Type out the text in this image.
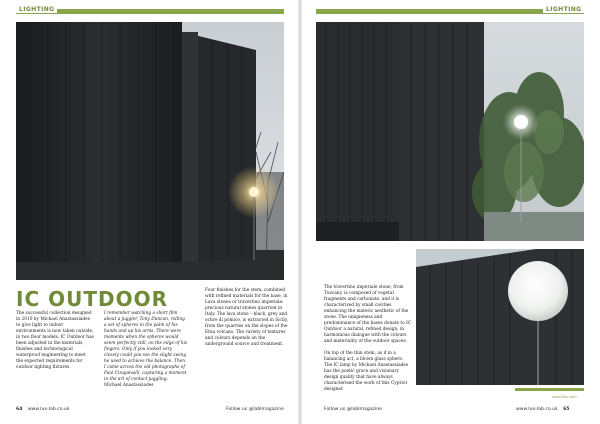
LIGHTING
IC OUTDOOR
The successful collection designed in 2010 by Michael Anastassiades to give light to indoor environments is now taken outside, in two floor models. IC Outdoor has been adjusted in the materials, finishes and technological waterproof engineering to meet the expected requirements for outdoor lighting fixtures.
I remember watching a short film about a juggler, Tony Duncan, rolling a set of spheres in the palm of his hands and up his arms. There were moments when the spheres would seem perfectly still, on the edge of his fingers. Only if you looked very closely could you see the slight swing he used to achieve the balance. Then I came across the old photographs of Paul Cinquevalli, capturing a moment in the art of contact juggling.
Michael Anastassiades
Four finishes for the stem, combined with refined materials for the base, in Lava stones or travertino imperiale: precious natural stones quarried in Italy. The lava stone – black, grey and ochre di pomice, is extracted in Sicily, from the quarries on the slopes of the Etna volcano. The variety of textures and colours depends on the underground source and treatment.
64 www.lux-lab.co.uk	Follow us @lablmagazine
LIGHTING
The travertino imperiale stone, from Tuscany, is composed of vegetal fragments and carbonate, and it is characterized by small cavities enhancing the materic aesthetic of the stone. The uniqueness and predominance of the bases donate to IC Outdoor a natural, refined design, in harmonious dialogue with the colours and materiality of the outdoor spaces.

On top of the thin stem, as if in a balancing act, a blown glass sphere. The IC lamp by Michael Anastassiades has the poetic grace and visionary design quality that have always characterised the work of this Cypriot designer.
www.flos.com
Follow us @lablmagazine	www.lux-lab.co.uk 65
